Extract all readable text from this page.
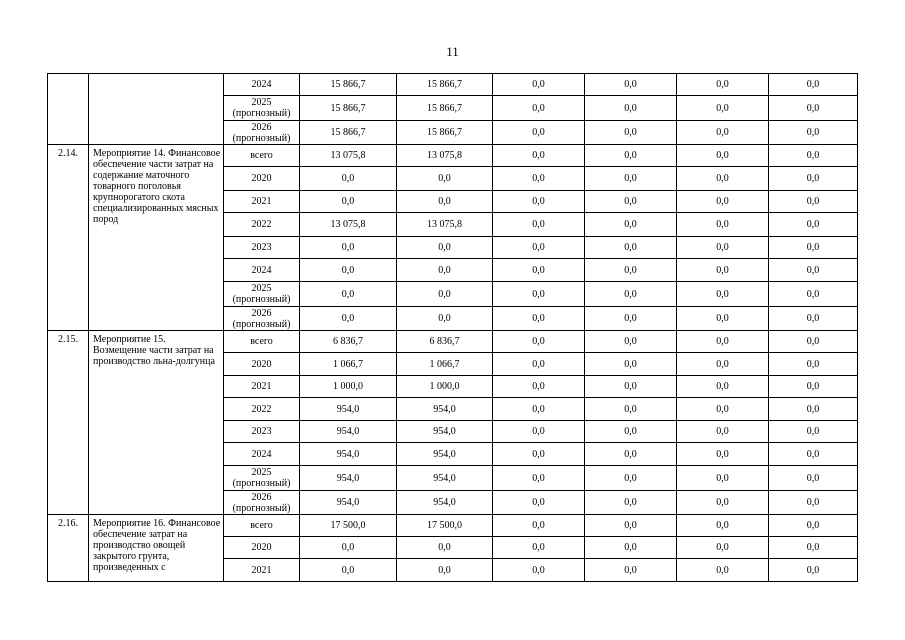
11
		2024	15 866,7	15 866,7	0,0	0,0	0,0	0,0
		2025 (прогнозный)	15 866,7	15 866,7	0,0	0,0	0,0	0,0
		2026 (прогнозный)	15 866,7	15 866,7	0,0	0,0	0,0	0,0
2.14.	Мероприятие 14. Финансовое обеспечение части затрат на содержание маточного товарного поголовья крупнорогатого скота специализированных мясных пород	всего	13 075,8	13 075,8	0,0	0,0	0,0	0,0
		2020	0,0	0,0	0,0	0,0	0,0	0,0
		2021	0,0	0,0	0,0	0,0	0,0	0,0
		2022	13 075,8	13 075,8	0,0	0,0	0,0	0,0
		2023	0,0	0,0	0,0	0,0	0,0	0,0
		2024	0,0	0,0	0,0	0,0	0,0	0,0
		2025 (прогнозный)	0,0	0,0	0,0	0,0	0,0	0,0
		2026 (прогнозный)	0,0	0,0	0,0	0,0	0,0	0,0
2.15.	Мероприятие 15. Возмещение части затрат на производство льна-долгунца	всего	6 836,7	6 836,7	0,0	0,0	0,0	0,0
		2020	1 066,7	1 066,7	0,0	0,0	0,0	0,0
		2021	1 000,0	1 000,0	0,0	0,0	0,0	0,0
		2022	954,0	954,0	0,0	0,0	0,0	0,0
		2023	954,0	954,0	0,0	0,0	0,0	0,0
		2024	954,0	954,0	0,0	0,0	0,0	0,0
		2025 (прогнозный)	954,0	954,0	0,0	0,0	0,0	0,0
		2026 (прогнозный)	954,0	954,0	0,0	0,0	0,0	0,0
2.16.	Мероприятие 16. Финансовое обеспечение затрат на производство овощей закрытого грунта, произведенных с	всего	17 500,0	17 500,0	0,0	0,0	0,0	0,0
		2020	0,0	0,0	0,0	0,0	0,0	0,0
		2021	0,0	0,0	0,0	0,0	0,0	0,0
